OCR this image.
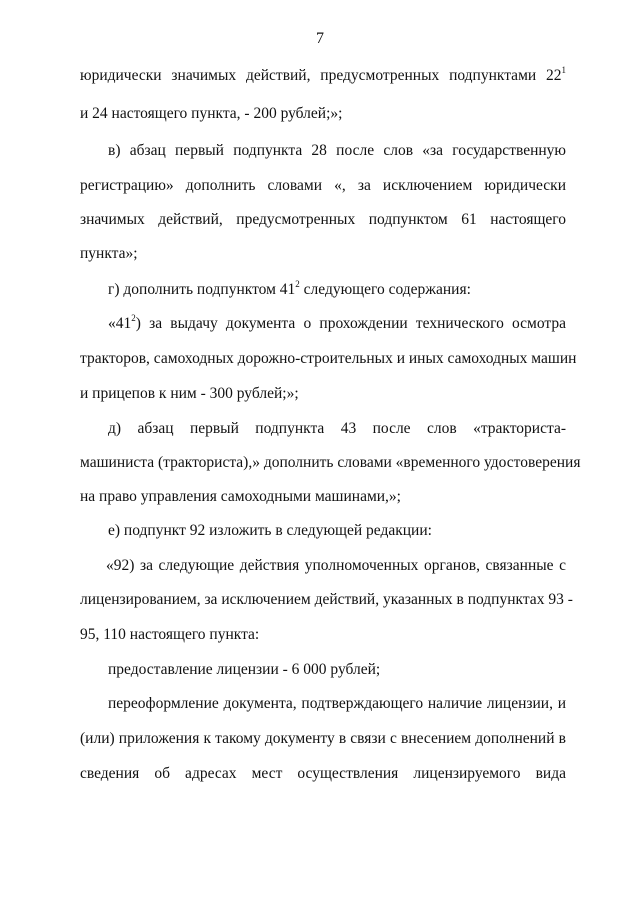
7
юридически значимых действий, предусмотренных подпунктами $22^1$
и 24 настоящего пункта, - 200 рублей;»;
в) абзац первый подпункта 28 после слов «за государственную
регистрацию» дополнить словами «, за исключением юридически
значимых действий, предусмотренных подпунктом 61 настоящего
пункта»;
г) дополнить подпунктом $41^2$ следующего содержания:
«$41^2$) за выдачу документа о прохождении технического осмотра
тракторов, самоходных дорожно-строительных и иных самоходных машин
и прицепов к ним - 300 рублей;»;
д) абзац первый подпункта 43 после слов «тракториста-
машиниста (тракториста),» дополнить словами «временного удостоверения
на право управления самоходными машинами,»;
е) подпункт 92 изложить в следующей редакции:
«92) за следующие действия уполномоченных органов, связанные с
лицензированием, за исключением действий, указанных в подпунктах 93 -
95, 110 настоящего пункта:
предоставление лицензии - 6 000 рублей;
переоформление документа, подтверждающего наличие лицензии, и
(или) приложения к такому документу в связи с внесением дополнений в
сведения об адресах мест осуществления лицензируемого вида
